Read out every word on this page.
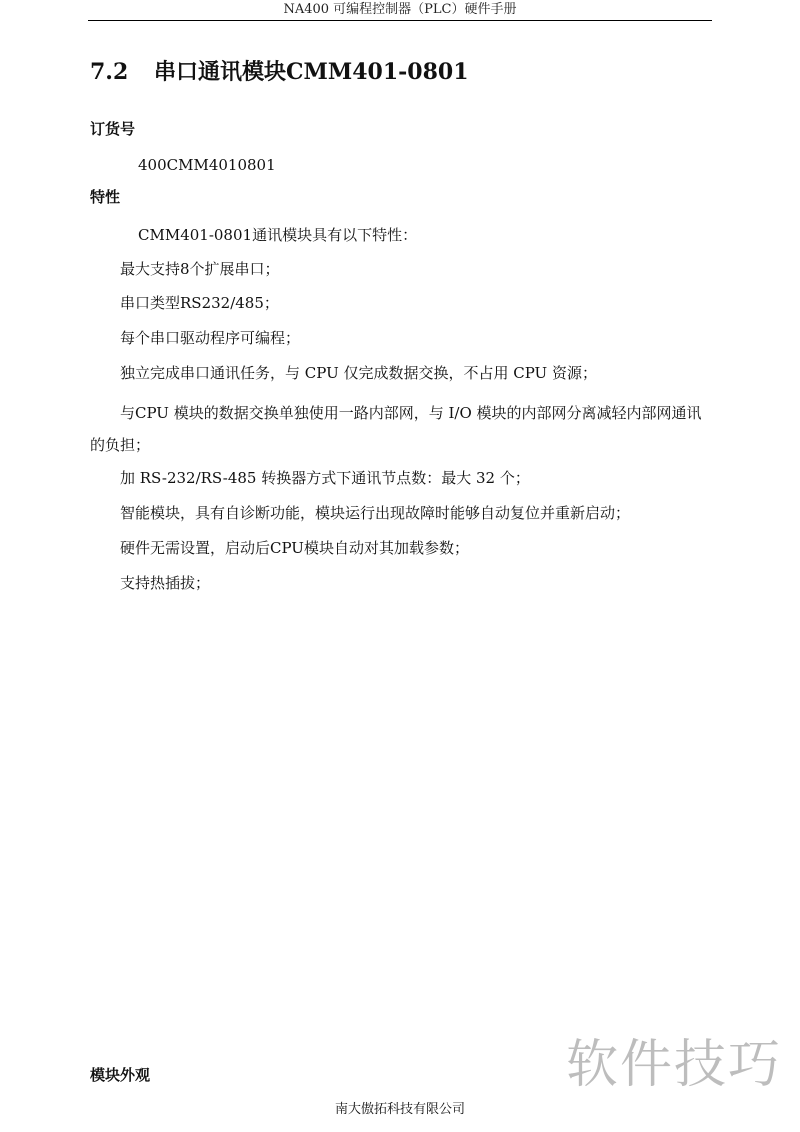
NA400 可编程控制器（PLC）硬件手册
7.2 串口通讯模块CMM401-0801
订货号
400CMM4010801
特性
CMM401-0801通讯模块具有以下特性：
最大支持8个扩展串口；
串口类型RS232/485；
每个串口驱动程序可编程；
独立完成串口通讯任务，与 CPU 仅完成数据交换，不占用 CPU 资源；
与CPU 模块的数据交换单独使用一路内部网，与 I/O 模块的内部网分离减轻内部网通讯的负担；
加 RS-232/RS-485 转换器方式下通讯节点数：最大 32 个；
智能模块，具有自诊断功能，模块运行出现故障时能够自动复位并重新启动；
硬件无需设置，启动后CPU模块自动对其加载参数；
支持热插拔；
模块外观	软件技巧
南大傲拓科技有限公司
